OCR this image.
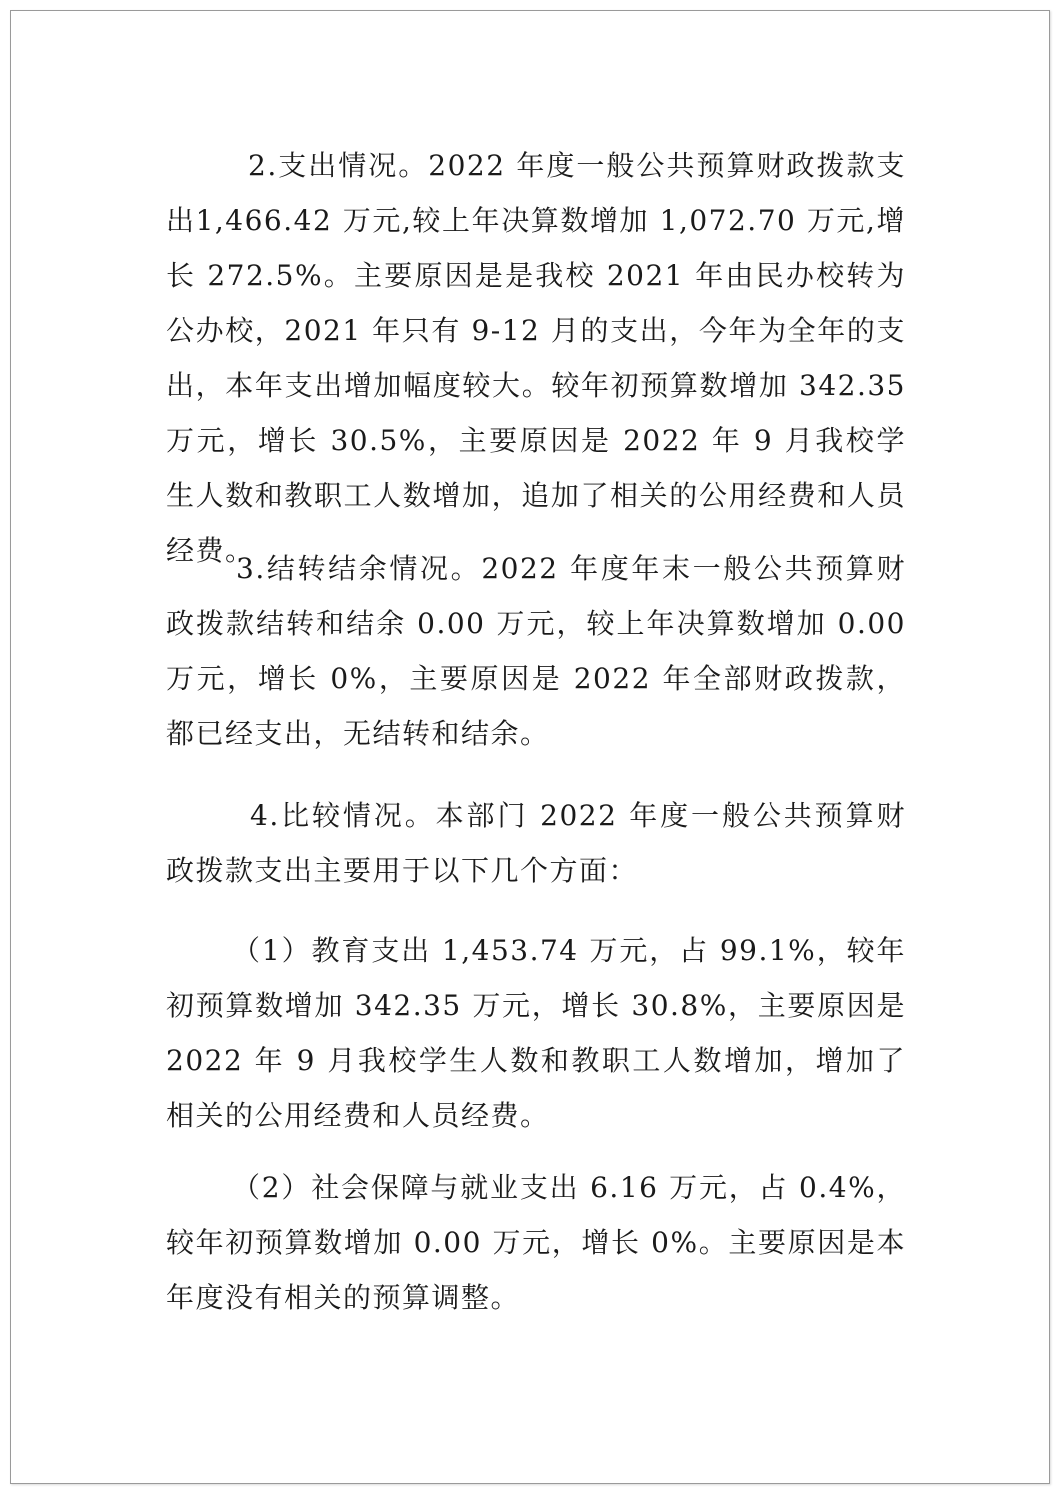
2.支出情况。2022 年度一般公共预算财政拨款支出1,466.42 万元,较上年决算数增加 1,072.70 万元,增长 272.5%。主要原因是是我校 2021 年由民办校转为公办校，2021 年只有 9-12 月的支出，今年为全年的支出，本年支出增加幅度较大。较年初预算数增加 342.35 万元，增长 30.5%，主要原因是 2022 年 9 月我校学生人数和教职工人数增加，追加了相关的公用经费和人员经费。

3.结转结余情况。2022 年度年末一般公共预算财政拨款结转和结余 0.00 万元，较上年决算数增加 0.00 万元，增长 0%，主要原因是 2022 年全部财政拨款，都已经支出，无结转和结余。

4.比较情况。本部门 2022 年度一般公共预算财政拨款支出主要用于以下几个方面：

（1）教育支出 1,453.74 万元，占 99.1%，较年初预算数增加 342.35 万元，增长 30.8%，主要原因是 2022 年 9 月我校学生人数和教职工人数增加，增加了相关的公用经费和人员经费。

（2）社会保障与就业支出 6.16 万元，占 0.4%，较年初预算数增加 0.00 万元，增长 0%。主要原因是本年度没有相关的预算调整。
